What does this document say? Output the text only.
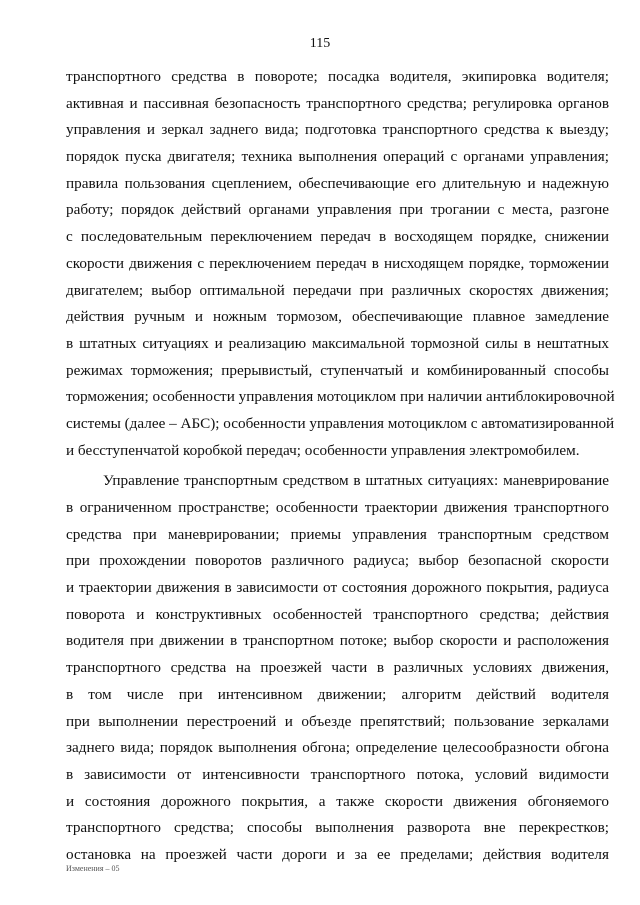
115
транспортного средства в повороте; посадка водителя, экипировка водителя;
активная и пассивная безопасность транспортного средства; регулировка органов
управления и зеркал заднего вида; подготовка транспортного средства к выезду;
порядок пуска двигателя; техника выполнения операций с органами управления;
правила пользования сцеплением, обеспечивающие его длительную и надежную
работу; порядок действий органами управления при трогании с места, разгоне
с последовательным переключением передач в восходящем порядке, снижении
скорости движения с переключением передач в нисходящем порядке, торможении
двигателем; выбор оптимальной передачи при различных скоростях движения;
действия ручным и ножным тормозом, обеспечивающие плавное замедление
в штатных ситуациях и реализацию максимальной тормозной силы в нештатных
режимах торможения; прерывистый, ступенчатый и комбинированный способы
торможения; особенности управления мотоциклом при наличии антиблокировочной
системы (далее – АБС); особенности управления мотоциклом с автоматизированной
и бесступенчатой коробкой передач; особенности управления электромобилем.
Управление транспортным средством в штатных ситуациях: маневрирование
в ограниченном пространстве; особенности траектории движения транспортного
средства при маневрировании; приемы управления транспортным средством
при прохождении поворотов различного радиуса; выбор безопасной скорости
и траектории движения в зависимости от состояния дорожного покрытия, радиуса
поворота и конструктивных особенностей транспортного средства; действия
водителя при движении в транспортном потоке; выбор скорости и расположения
транспортного средства на проезжей части в различных условиях движения,
в том числе при интенсивном движении; алгоритм действий водителя
при выполнении перестроений и объезде препятствий; пользование зеркалами
заднего вида; порядок выполнения обгона; определение целесообразности обгона
в зависимости от интенсивности транспортного потока, условий видимости
и состояния дорожного покрытия, а также скорости движения обгоняемого
транспортного средства; способы выполнения разворота вне перекрестков;
остановка на проезжей части дороги и за ее пределами; действия водителя
Изменения – 05
